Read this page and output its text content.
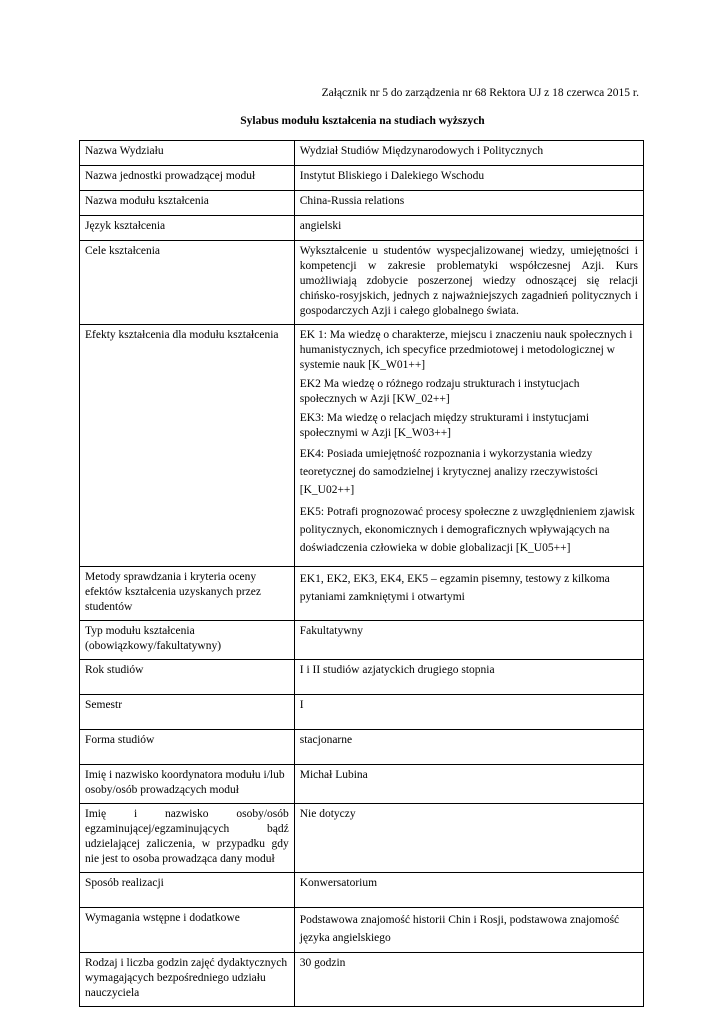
Załącznik nr 5 do zarządzenia nr 68 Rektora UJ z 18 czerwca 2015 r.
Sylabus modułu kształcenia na studiach wyższych
Nazwa Wydziału	Wydział Studiów Międzynarodowych i Politycznych
Nazwa jednostki prowadzącej moduł	Instytut Bliskiego i Dalekiego Wschodu
Nazwa modułu kształcenia	China-Russia relations
Język kształcenia	angielski
Cele kształcenia	Wykształcenie u studentów wyspecjalizowanej wiedzy, umiejętności i kompetencji w zakresie problematyki współczesnej Azji. Kurs umożliwiają zdobycie poszerzonej wiedzy odnoszącej się relacji chińsko-rosyjskich, jednych z najważniejszych zagadnień politycznych i gospodarczych Azji i całego globalnego świata.
Efekty kształcenia dla modułu kształcenia	EK 1: Ma wiedzę o charakterze, miejscu i znaczeniu nauk społecznych i humanistycznych, ich specyfice przedmiotowej i metodologicznej w systemie nauk [K_W01++]

EK2 Ma wiedzę o różnego rodzaju strukturach i instytucjach społecznych w Azji [KW_02++]

EK3: Ma wiedzę o relacjach między strukturami i instytucjami społecznymi w Azji [K_W03++]

EK4: Posiada umiejętność rozpoznania i wykorzystania wiedzy teoretycznej do samodzielnej i krytycznej analizy rzeczywistości [K_U02++]

EK5: Potrafi prognozować procesy społeczne z uwzględnieniem zjawisk politycznych, ekonomicznych i demograficznych wpływających na doświadczenia człowieka w dobie globalizacji [K_U05++]

Metody sprawdzania i kryteria oceny efektów kształcenia uzyskanych przez studentów	EK1, EK2, EK3, EK4, EK5 – egzamin pisemny, testowy z kilkoma pytaniami zamkniętymi i otwartymi
Typ modułu kształcenia (obowiązkowy/fakultatywny)	Fakultatywny
Rok studiów	I i II studiów azjatyckich drugiego stopnia
Semestr	I
Forma studiów	stacjonarne
Imię i nazwisko koordynatora modułu i/lub osoby/osób prowadzących moduł	Michał Lubina
Imię i nazwisko osoby/osób egzaminującej/egzaminujących bądź udzielającej zaliczenia, w przypadku gdy nie jest to osoba prowadząca dany moduł	Nie dotyczy
Sposób realizacji	Konwersatorium
Wymagania wstępne i dodatkowe	Podstawowa znajomość historii Chin i Rosji, podstawowa znajomość języka angielskiego
Rodzaj i liczba godzin zajęć dydaktycznych wymagających bezpośredniego udziału nauczyciela	30 godzin
